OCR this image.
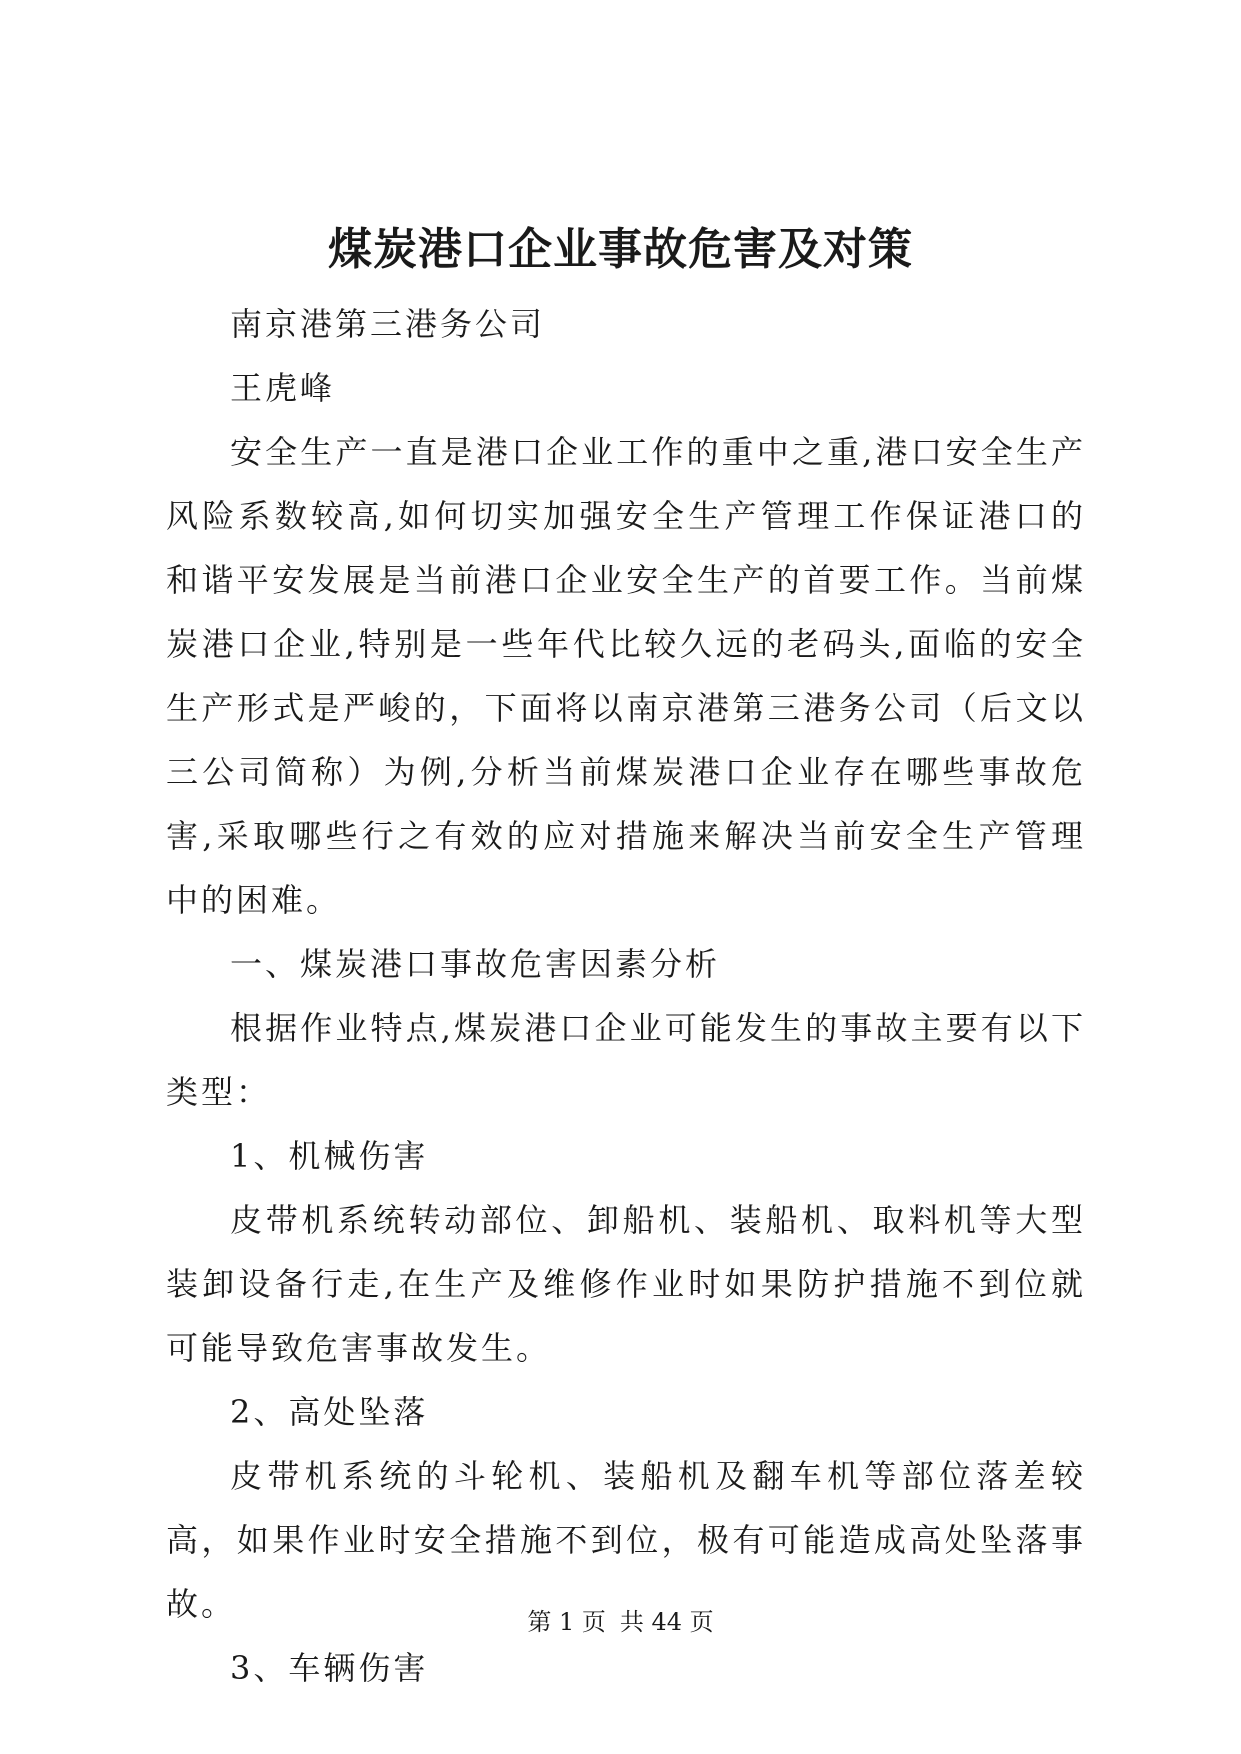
煤炭港口企业事故危害及对策

南京港第三港务公司

王虎峰

安全生产一直是港口企业工作的重中之重,港口安全生产风险系数较高,如何切实加强安全生产管理工作保证港口的和谐平安发展是当前港口企业安全生产的首要工作。当前煤炭港口企业,特别是一些年代比较久远的老码头,面临的安全生产形式是严峻的，下面将以南京港第三港务公司（后文以三公司简称）为例,分析当前煤炭港口企业存在哪些事故危害,采取哪些行之有效的应对措施来解决当前安全生产管理中的困难。

一、煤炭港口事故危害因素分析

根据作业特点,煤炭港口企业可能发生的事故主要有以下类型：

1、机械伤害

皮带机系统转动部位、卸船机、装船机、取料机等大型装卸设备行走,在生产及维修作业时如果防护措施不到位就可能导致危害事故发生。

2、高处坠落

皮带机系统的斗轮机、装船机及翻车机等部位落差较高，如果作业时安全措施不到位，极有可能造成高处坠落事故。

3、车辆伤害

第 1 页 共 44 页
